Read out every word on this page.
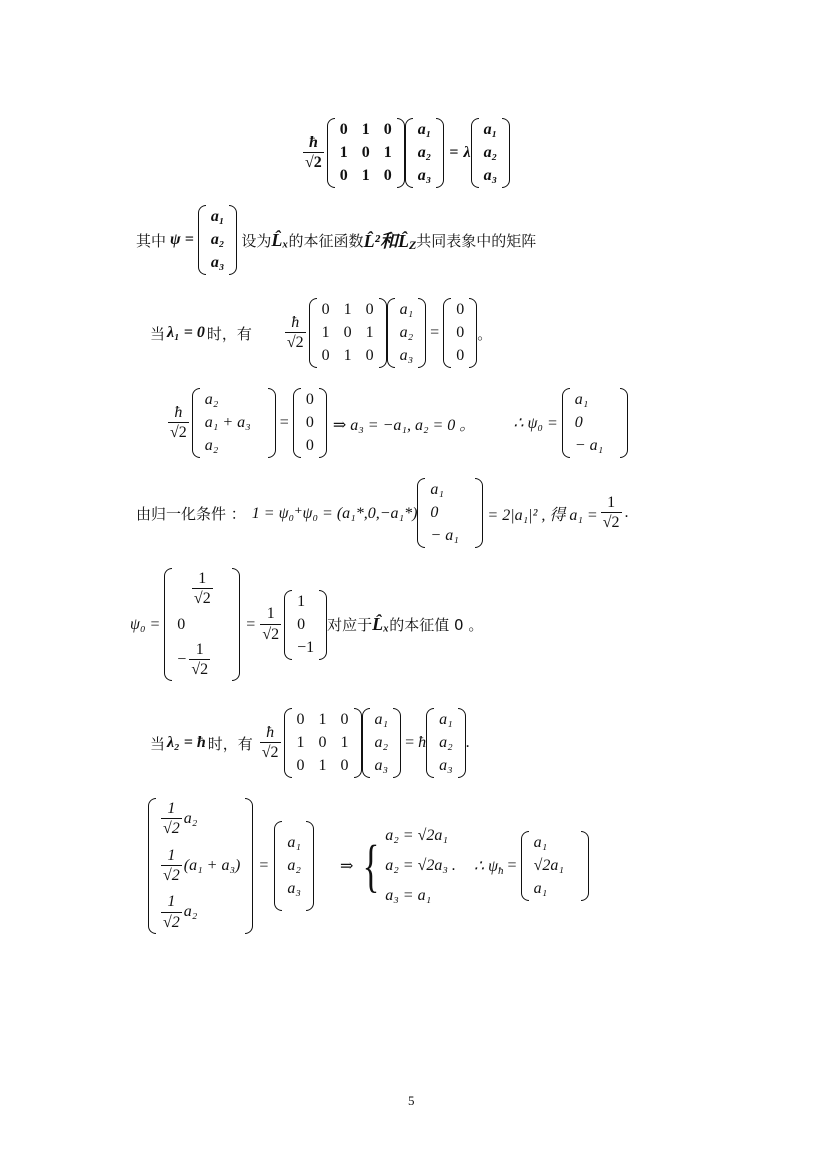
$\frac{ħ}{√2}$
0 1 0
1 0 1
0 1 0
a₁
a₂
a₃
= λ
a₁
a₂
a₃
其中 ψ =
a₁
a₂
a₃
设为 L̂ₓ 的本征函数 L̂²和L̂ Z 共同表象中的矩阵
当 λ₁ = 0 时，有 $\frac{ħ}{√2}$
0 1 0
1 0 1
0 1 0
a₁
a₂
a₃
=
0
0
0
。
$\frac{ħ}{√2}$
a₂
a₁ + a₃
a₂
=
0
0
0
⇒ a₃ = −a₁, a₂ = 0 。 ∴ ψ₀ =
a₁
0
− a₁
由归一化条件 ： 1 = ψ₀⁺ψ₀ = (a₁*,0,−a₁*)
a₁
0
− a₁
= 2|a₁|² , 得 $a_1 = \frac{1}{√2}$ .
ψ₀ =
$\frac{1}{√2}$
0
− $\frac{1}{√2}$
= $\frac{1}{√2}$
1
0
−1
对应于 L̂ₓ 的本征值 0 。
当 λ₂ = ħ 时，有 $\frac{ħ}{√2}$
0 1 0
1 0 1
0 1 0
a₁
a₂
a₃
= ħ
a₁
a₂
a₃
.
$\frac{1}{√2} a_2$
$\frac{1}{√2} (a_1 + a_3)$
$\frac{1}{√2} a_2$
=
a₁
a₂
a₃
⇒ { a₂ = √2a₁
a₂ = √2a₃ .
a₃ = a₁
∴ ψ ħ =
a₁
√2a₁
a₁
5
